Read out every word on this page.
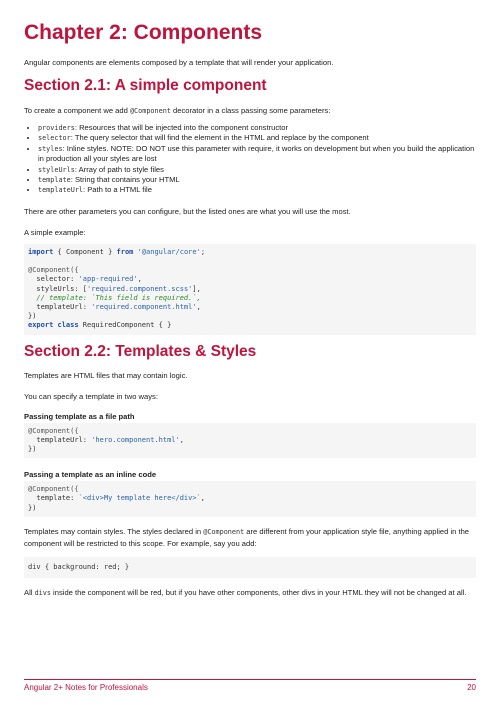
Chapter 2: Components

Angular components are elements composed by a template that will render your application.

Section 2.1: A simple component

To create a component we add @Component decorator in a class passing some parameters:

• providers: Resources that will be injected into the component constructor
• selector: The query selector that will find the element in the HTML and replace by the component
• styles: Inline styles. NOTE: DO NOT use this parameter with require, it works on development but when you build the application in production all your styles are lost
• styleUrls: Array of path to style files
• template: String that contains your HTML
• templateUrl: Path to a HTML file

There are other parameters you can configure, but the listed ones are what you will use the most.

A simple example:

import { Component } from '@angular/core';

@Component({
selector: 'app-required',
styleUrls: ['required.component.scss'],
// template: `This field is required.`,
templateUrl: 'required.component.html',
})
export class RequiredComponent { }
Section 2.2: Templates & Styles

Templates are HTML files that may contain logic.

You can specify a template in two ways:

Passing template as a file path
@Component({
templateUrl: 'hero.component.html',
})
Passing a template as an inline code
@Component({
template: `<div>My template here</div>`,
})

Templates may contain styles. The styles declared in @Component are different from your application style file, anything applied in the component will be restricted to this scope. For example, say you add:

div { background: red; }

All divs inside the component will be red, but if you have other components, other divs in your HTML they will not be changed at all.

Angular 2+ Notes for Professionals	20
